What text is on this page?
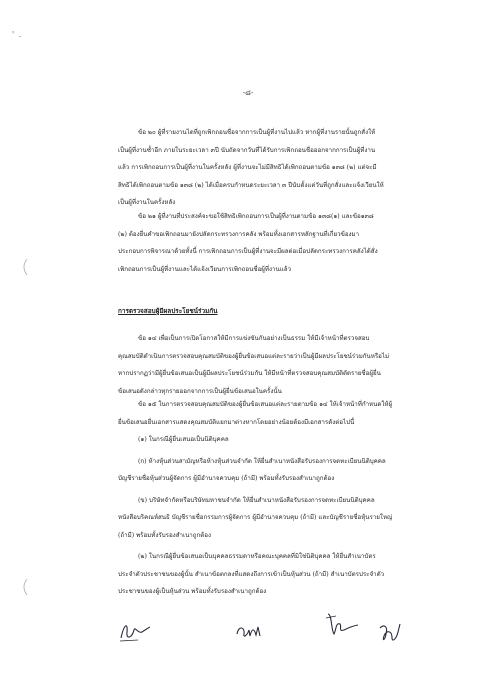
' .
-๘-
ข้อ ๒๐ ผู้ที่รายงานไดที่ถูกเพิกถอนชื่อจากการเป็นผู้ที่งานไปแล้ว หากผู้ที่งานรายนั้นถูกสั่งให้
เป็นผู้ที่งานซ้ำอีก ภายในระยะเวลา ๓ปี นับถัดจากวันที่ได้รับการเพิกถอนชื่อออกจากการเป็นผู้ที่งาน
แล้ว การเพิกถอนการเป็นผู้ที่งานในครั้งหลัง ผู้ที่งานจะไม่มีสิทธิได้เพิกถอนตามข้อ ๑๓๘ (๒) แต่จะมี
สิทธิได้เพิกถอนตามข้อ ๑๓๘ (๒) ได้เมื่อครบกำหนดระยะเวลา ๓ ปีนับตั้งแต่วันที่ถูกสั่งและแจ้งเวียนให้
เป็นผู้ที่งานในครั้งหลัง
ข้อ ๒๑ ผู้ที่งานที่ประสงค์จะขอใช้สิทธิเพิกถอนการเป็นผู้ที่งานตามข้อ ๑๓๘(๑) และข้อ๑๓๘
(๒) ต้องยื่นคำขอเพิกถอนมายังปลัดกระทรวงการคลัง พร้อมทั้งเอกสารหลักฐานที่เกี่ยวข้องมา
ประกอบการพิจารณาด้วยทั้งนี้ การเพิกถอนการเป็นผู้ที่งานจะมีผลต่อเมื่อปลัดกระทรวงการคลังได้สั่ง
เพิกถอนการเป็นผู้ที่งานและได้แจ้งเวียนการเพิกถอนชื่อผู้ที่งานแล้ว
การตรวจสอบผู้มีผลประโยชน์ร่วมกัน
ข้อ ๑๔ เพื่อเป็นการเปิดโอกาสให้มีการแข่งขันกันอย่างเป็นธรรม ให้มีเจ้าหน้าที่ตรวจสอบ
คุณสมบัติดำเนินการตรวจสอบคุณสมบัติของผู้ยื่นข้อเสนอแต่ละรายว่าเป็นผู้มีผลประโยชน์ร่วมกันหรือไม่
หากปรากฏว่ามีผู้ยื่นข้อเสนอเป็นผู้มีผลประโยชน์ร่วมกัน ให้มีหน้าที่ตรวจสอบคุณสมบัติตัดรายชื่อผู้ยื่น
ข้อเสนอดังกล่าวทุกรายออกจากการเป็นผู้ยื่นข้อเสนอในครั้งนั้น
ข้อ ๑๕ ในการตรวจสอบคุณสมบัติของผู้ยื่นข้อเสนอแต่ละรายตามข้อ ๑๔ ให้เจ้าหน้าที่กำหนดให้ผู้
ยื่นข้อเสนอยื่นเอกสารแสดงคุณสมบัติแยกมาต่างหากโดยอย่างน้อยต้องมีเอกสารดังต่อไปนี้
(๑) ในกรณีผู้ยื่นเสนอเป็นนิติบุคคล
(ก) ห้างหุ้นส่วนสามัญหรือห้างหุ้นส่วนจำกัด ให้ยื่นสำเนาหนังสือรับรองการจดทะเบียนนิติบุคคล
บัญชีรายชื่อหุ้นส่วนผู้จัดการ ผู้มีอำนาจควบคุม (ถ้ามี) พร้อมทั้งรับรองสำเนาถูกต้อง
(ข) บริษัทจำกัดหรือบริษัทมหาชนจำกัด ให้ยื่นสำเนาหนังสือรับรองการจดทะเบียนนิติบุคคล
หนังสือบริคณห์สนธิ บัญชีรายชื่อกรรมการผู้จัดการ ผู้มีอำนาจควบคุม (ถ้ามี) และบัญชีรายชื่อหุ้นรายใหญ่
(ถ้ามี) พร้อมทั้งรับรองสำเนาถูกต้อง
(๒) ในกรณีผู้ยื่นข้อเสนอเป็นบุคคลธรรมดาหรือคณะบุคคลที่มิใช่นิติบุคคล ให้ยื่นสำเนาบัตร
ประจำตัวประชาชนของผู้นั้น สำเนาข้อตกลงที่แสดงถึงการเข้าเป็นหุ้นส่วน (ถ้ามี) สำเนาบัตรประจำตัว
ประชาชนของผู้เป็นหุ้นส่วน พร้อมทั้งรับรองสำเนาถูกต้อง
